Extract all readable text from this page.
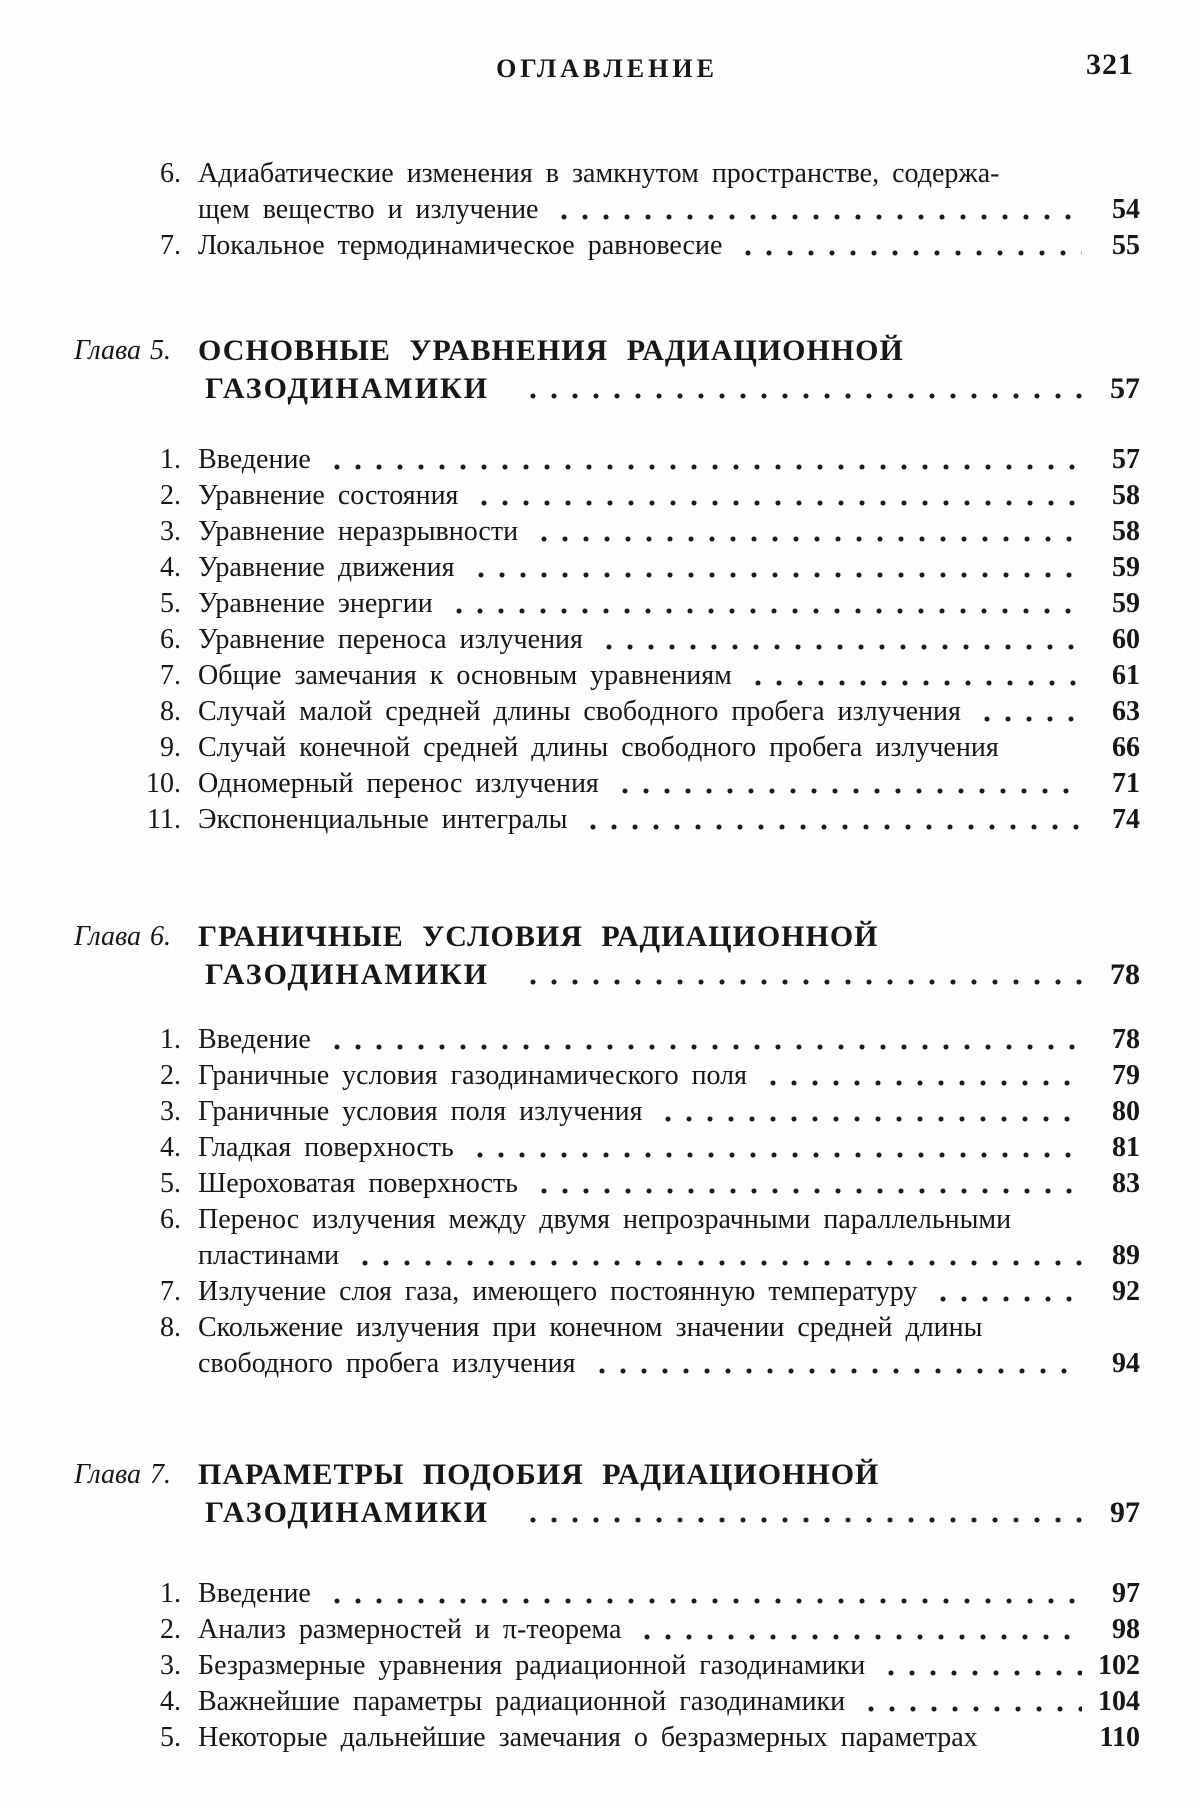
ОГЛАВЛЕНИЕ	321
6. Адиабатические изменения в замкнутом пространстве, содержа-
щем вещество и излучение	54
7. Локальное термодинамическое равновесие	55
Глава 5. ОСНОВНЫЕ УРАВНЕНИЯ РАДИАЦИОННОЙ
ГАЗОДИНАМИКИ	57
1. Введение	57
2. Уравнение состояния	58
3. Уравнение неразрывности	58
4. Уравнение движения	59
5. Уравнение энергии	59
6. Уравнение переноса излучения	60
7. Общие замечания к основным уравнениям	61
8. Случай малой средней длины свободного пробега излучения	63
9. Случай конечной средней длины свободного пробега излучения	66
10. Одномерный перенос излучения	71
11. Экспоненциальные интегралы	74
Глава 6. ГРАНИЧНЫЕ УСЛОВИЯ РАДИАЦИОННОЙ
ГАЗОДИНАМИКИ	78
1. Введение	78
2. Граничные условия газодинамического поля	79
3. Граничные условия поля излучения	80
4. Гладкая поверхность	81
5. Шероховатая поверхность	83
6. Перенос излучения между двумя непрозрачными параллельными
пластинами	89
7. Излучение слоя газа, имеющего постоянную температуру	92
8. Скольжение излучения при конечном значении средней длины
свободного пробега излучения	94
Глава 7. ПАРАМЕТРЫ ПОДОБИЯ РАДИАЦИОННОЙ
ГАЗОДИНАМИКИ	97
1. Введение	97
2. Анализ размерностей и π-теорема	98
3. Безразмерные уравнения радиационной газодинамики	102
4. Важнейшие параметры радиационной газодинамики	104
5. Некоторые дальнейшие замечания о безразмерных параметрах	110
